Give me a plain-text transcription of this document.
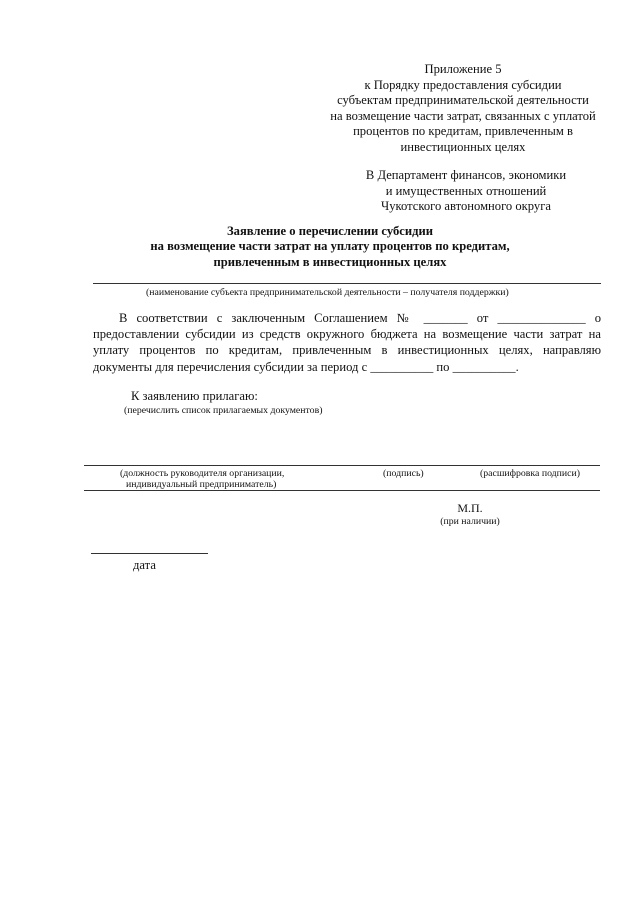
Приложение 5
к Порядку предоставления субсидии
субъектам предпринимательской деятельности
на возмещение части затрат, связанных с уплатой
процентов по кредитам, привлеченным в
инвестиционных целях
В Департамент финансов, экономики
и имущественных отношений
Чукотского автономного округа
Заявление о перечислении субсидии
на возмещение части затрат на уплату процентов по кредитам,
привлеченным в инвестиционных целях
(наименование субъекта предпринимательской деятельности – получателя поддержки)
В соответствии с заключенным Соглашением № _______ от ______________ о
предоставлении субсидии из средств окружного бюджета на возмещение части затрат на
уплату процентов по кредитам, привлеченным в инвестиционных целях, направляю
документы для перечисления субсидии за период с __________ по __________.
К заявлению прилагаю:
(перечислить список прилагаемых документов)
(должность руководителя организации,
индивидуальный предприниматель)
(подпись)	(расшифровка подписи)
М.П.
(при наличии)
дата
